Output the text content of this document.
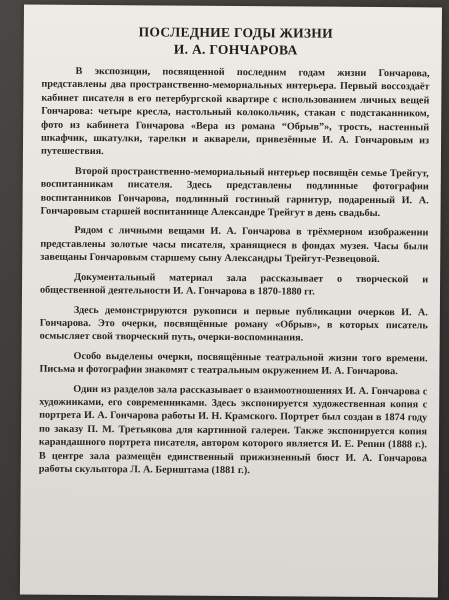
ПОСЛЕДНИЕ ГОДЫ ЖИЗНИ
И. А. ГОНЧАРОВА

В экспозиции, посвященной последним годам жизни Гончарова, представлены два пространственно-мемориальных интерьера. Первый воссоздаёт кабинет писателя в его петербургской квартире с использованием личных вещей Гончарова: четыре кресла, настольный колокольчик, стакан с подстаканником, фото из кабинета Гончарова «Вера из романа “Обрыв”», трость, настенный шкафчик, шкатулки, тарелки и акварели, привезённые И. А. Гончаровым из путешествия.

Второй пространственно-мемориальный интерьер посвящён семье Трейгут, воспитанникам писателя. Здесь представлены подлинные фотографии воспитанников Гончарова, подлинный гостиный гарнитур, подаренный И. А. Гончаровым старшей воспитаннице Александре Трейгут в день свадьбы.

Рядом с личными вещами И. А. Гончарова в трёхмерном изображении представлены золотые часы писателя, хранящиеся в фондах музея. Часы были завещаны Гончаровым старшему сыну Александры Трейгут-Резвецовой.

Документальный материал зала рассказывает о творческой и общественной деятельности И. А. Гончарова в 1870-1880 гг.

Здесь демонстрируются рукописи и первые публикации очерков И. А. Гончарова. Это очерки, посвящённые роману «Обрыв», в которых писатель осмысляет свой творческий путь, очерки-воспоминания.

Особо выделены очерки, посвящённые театральной жизни того времени. Письма и фотографии знакомят с театральным окружением И. А. Гончарова.

Один из разделов зала рассказывает о взаимоотношениях И. А. Гончарова с художниками, его современниками. Здесь экспонируется художественная копия с портрета И. А. Гончарова работы И. Н. Крамского. Портрет был создан в 1874 году по заказу П. М. Третьякова для картинной галереи. Также экспонируется копия карандашного портрета писателя, автором которого является И. Е. Репин (1888 г.). В центре зала размещён единственный прижизненный бюст И. А. Гончарова работы скульптора Л. А. Бернштама (1881 г.).
